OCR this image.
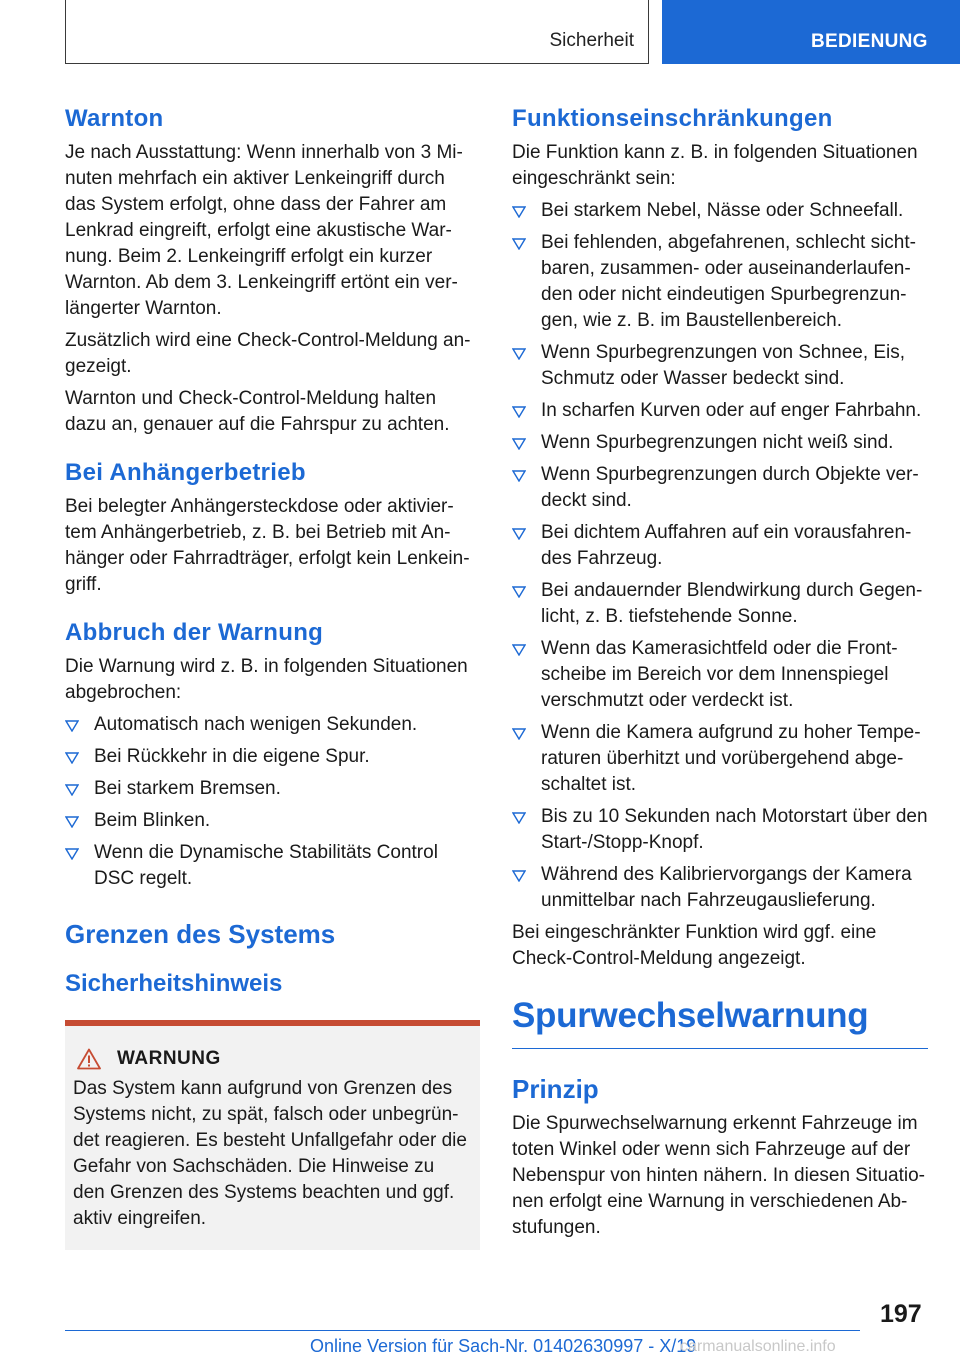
Sicherheit	BEDIENUNG
Warnton

Je nach Ausstattung: Wenn innerhalb von 3 Mi-nuten mehrfach ein aktiver Lenkeingriff durch das System erfolgt, ohne dass der Fahrer am Lenkrad eingreift, erfolgt eine akustische War-nung. Beim 2. Lenkeingriff erfolgt ein kurzer Warnton. Ab dem 3. Lenkeingriff ertönt ein ver-längerter Warnton.

Zusätzlich wird eine Check-Control-Meldung an-gezeigt.

Warnton und Check-Control-Meldung halten dazu an, genauer auf die Fahrspur zu achten.

Bei Anhängerbetrieb

Bei belegter Anhängersteckdose oder aktivier-tem Anhängerbetrieb, z. B. bei Betrieb mit An-hänger oder Fahrradträger, erfolgt kein Lenkein-griff.

Abbruch der Warnung

Die Warnung wird z. B. in folgenden Situationen abgebrochen:

Automatisch nach wenigen Sekunden.
Bei Rückkehr in die eigene Spur.
Bei starkem Bremsen.
Beim Blinken.
Wenn die Dynamische Stabilitäts Control DSC regelt.
Grenzen des Systems
Sicherheitshinweis
WARNUNG

Das System kann aufgrund von Grenzen des Systems nicht, zu spät, falsch oder unbegrün-det reagieren. Es besteht Unfallgefahr oder die Gefahr von Sachschäden. Die Hinweise zu den Grenzen des Systems beachten und ggf. aktiv eingreifen.

Funktionseinschränkungen

Die Funktion kann z. B. in folgenden Situationen eingeschränkt sein:

Bei starkem Nebel, Nässe oder Schneefall.
Bei fehlenden, abgefahrenen, schlecht sicht-baren, zusammen- oder auseinanderlaufen-den oder nicht eindeutigen Spurbegrenzun-gen, wie z. B. im Baustellenbereich.
Wenn Spurbegrenzungen von Schnee, Eis, Schmutz oder Wasser bedeckt sind.
In scharfen Kurven oder auf enger Fahrbahn.
Wenn Spurbegrenzungen nicht weiß sind.
Wenn Spurbegrenzungen durch Objekte ver-deckt sind.
Bei dichtem Auffahren auf ein vorausfahren-des Fahrzeug.
Bei andauernder Blendwirkung durch Gegen-licht, z. B. tiefstehende Sonne.
Wenn das Kamerasichtfeld oder die Front-scheibe im Bereich vor dem Innenspiegel verschmutzt oder verdeckt ist.
Wenn die Kamera aufgrund zu hoher Tempe-raturen überhitzt und vorübergehend abge-schaltet ist.
Bis zu 10 Sekunden nach Motorstart über den Start-/Stopp-Knopf.
Während des Kalibriervorgangs der Kamera unmittelbar nach Fahrzeugauslieferung.

Bei eingeschränkter Funktion wird ggf. eine Check-Control-Meldung angezeigt.

Spurwechselwarnung
Prinzip

Die Spurwechselwarnung erkennt Fahrzeuge im toten Winkel oder wenn sich Fahrzeuge auf der Nebenspur von hinten nähern. In diesen Situatio-nen erfolgt eine Warnung in verschiedenen Ab-stufungen.

197
Online Version für Sach-Nr. 01402630997 - X/19
carmanualsonline.info
